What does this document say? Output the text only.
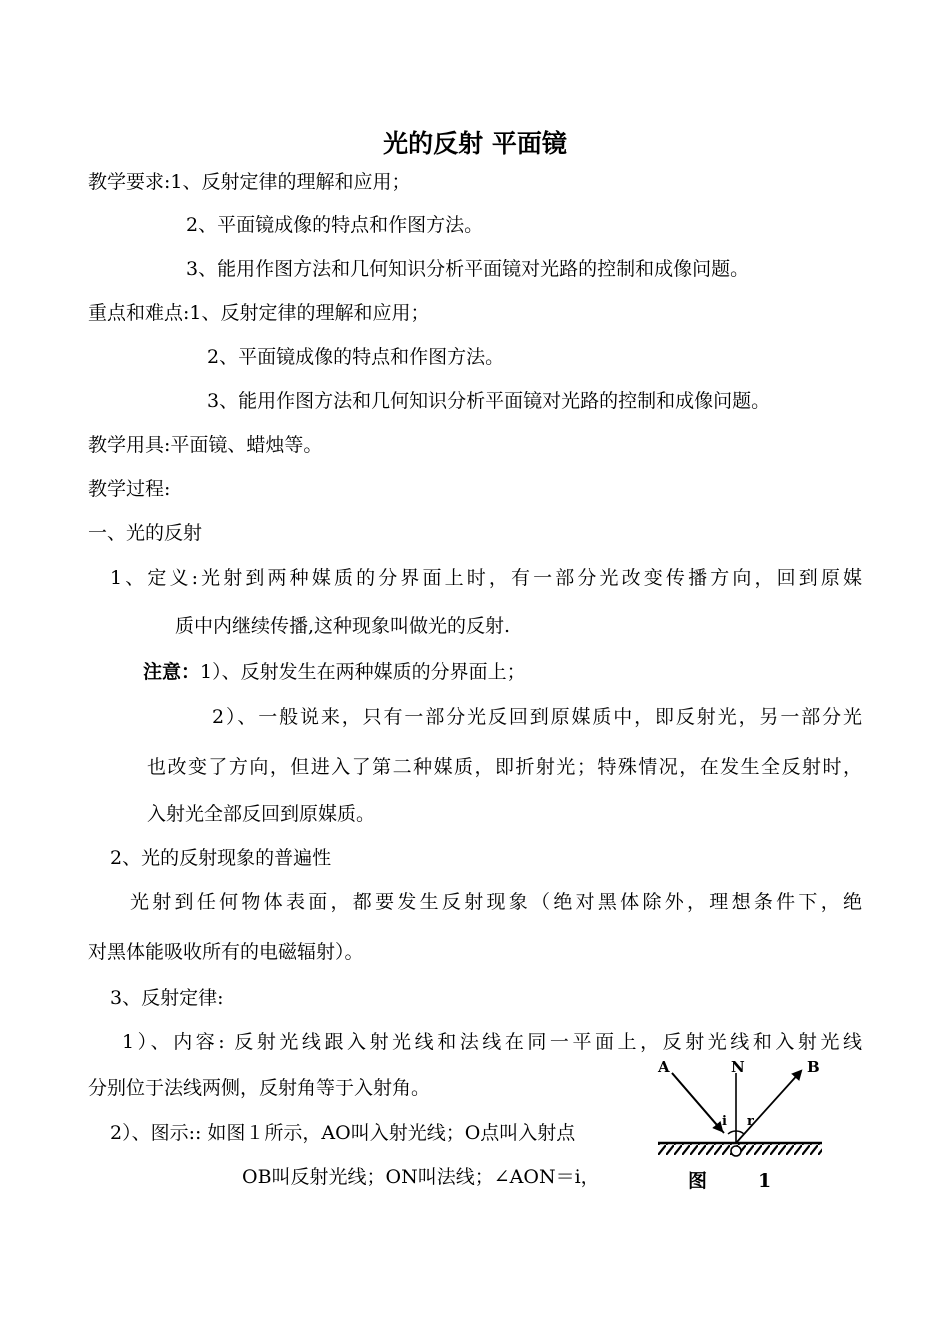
光的反射 平面镜
教学要求:1、反射定律的理解和应用；
2、平面镜成像的特点和作图方法。
3、能用作图方法和几何知识分析平面镜对光路的控制和成像问题。
重点和难点:1、反射定律的理解和应用；
2、平面镜成像的特点和作图方法。
3、能用作图方法和几何知识分析平面镜对光路的控制和成像问题。
教学用具:平面镜、蜡烛等。
教学过程:
一、光的反射
1、定义:光射到两种媒质的分界面上时，有一部分光改变传播方向，回到原媒
质中内继续传播,这种现象叫做光的反射.
注意：1）、反射发生在两种媒质的分界面上；
2）、一般说来，只有一部分光反回到原媒质中，即反射光，另一部分光
也改变了方向，但进入了第二种媒质，即折射光；特殊情况，在发生全反射时，
入射光全部反回到原媒质。
2、光的反射现象的普遍性
光射到任何物体表面，都要发生反射现象（绝对黑体除外，理想条件下，绝
对黑体能吸收所有的电磁辐射）。
3、反射定律:
1）、内容: 反射光线跟入射光线和法线在同一平面上，反射光线和入射光线
分别位于法线两侧，反射角等于入射角。
2）、图示:: 如图１所示，AO叫入射光线；O点叫入射点
OB叫反射光线；ON叫法线；∠AON＝i，
A	N	B
i r
O
图	1
